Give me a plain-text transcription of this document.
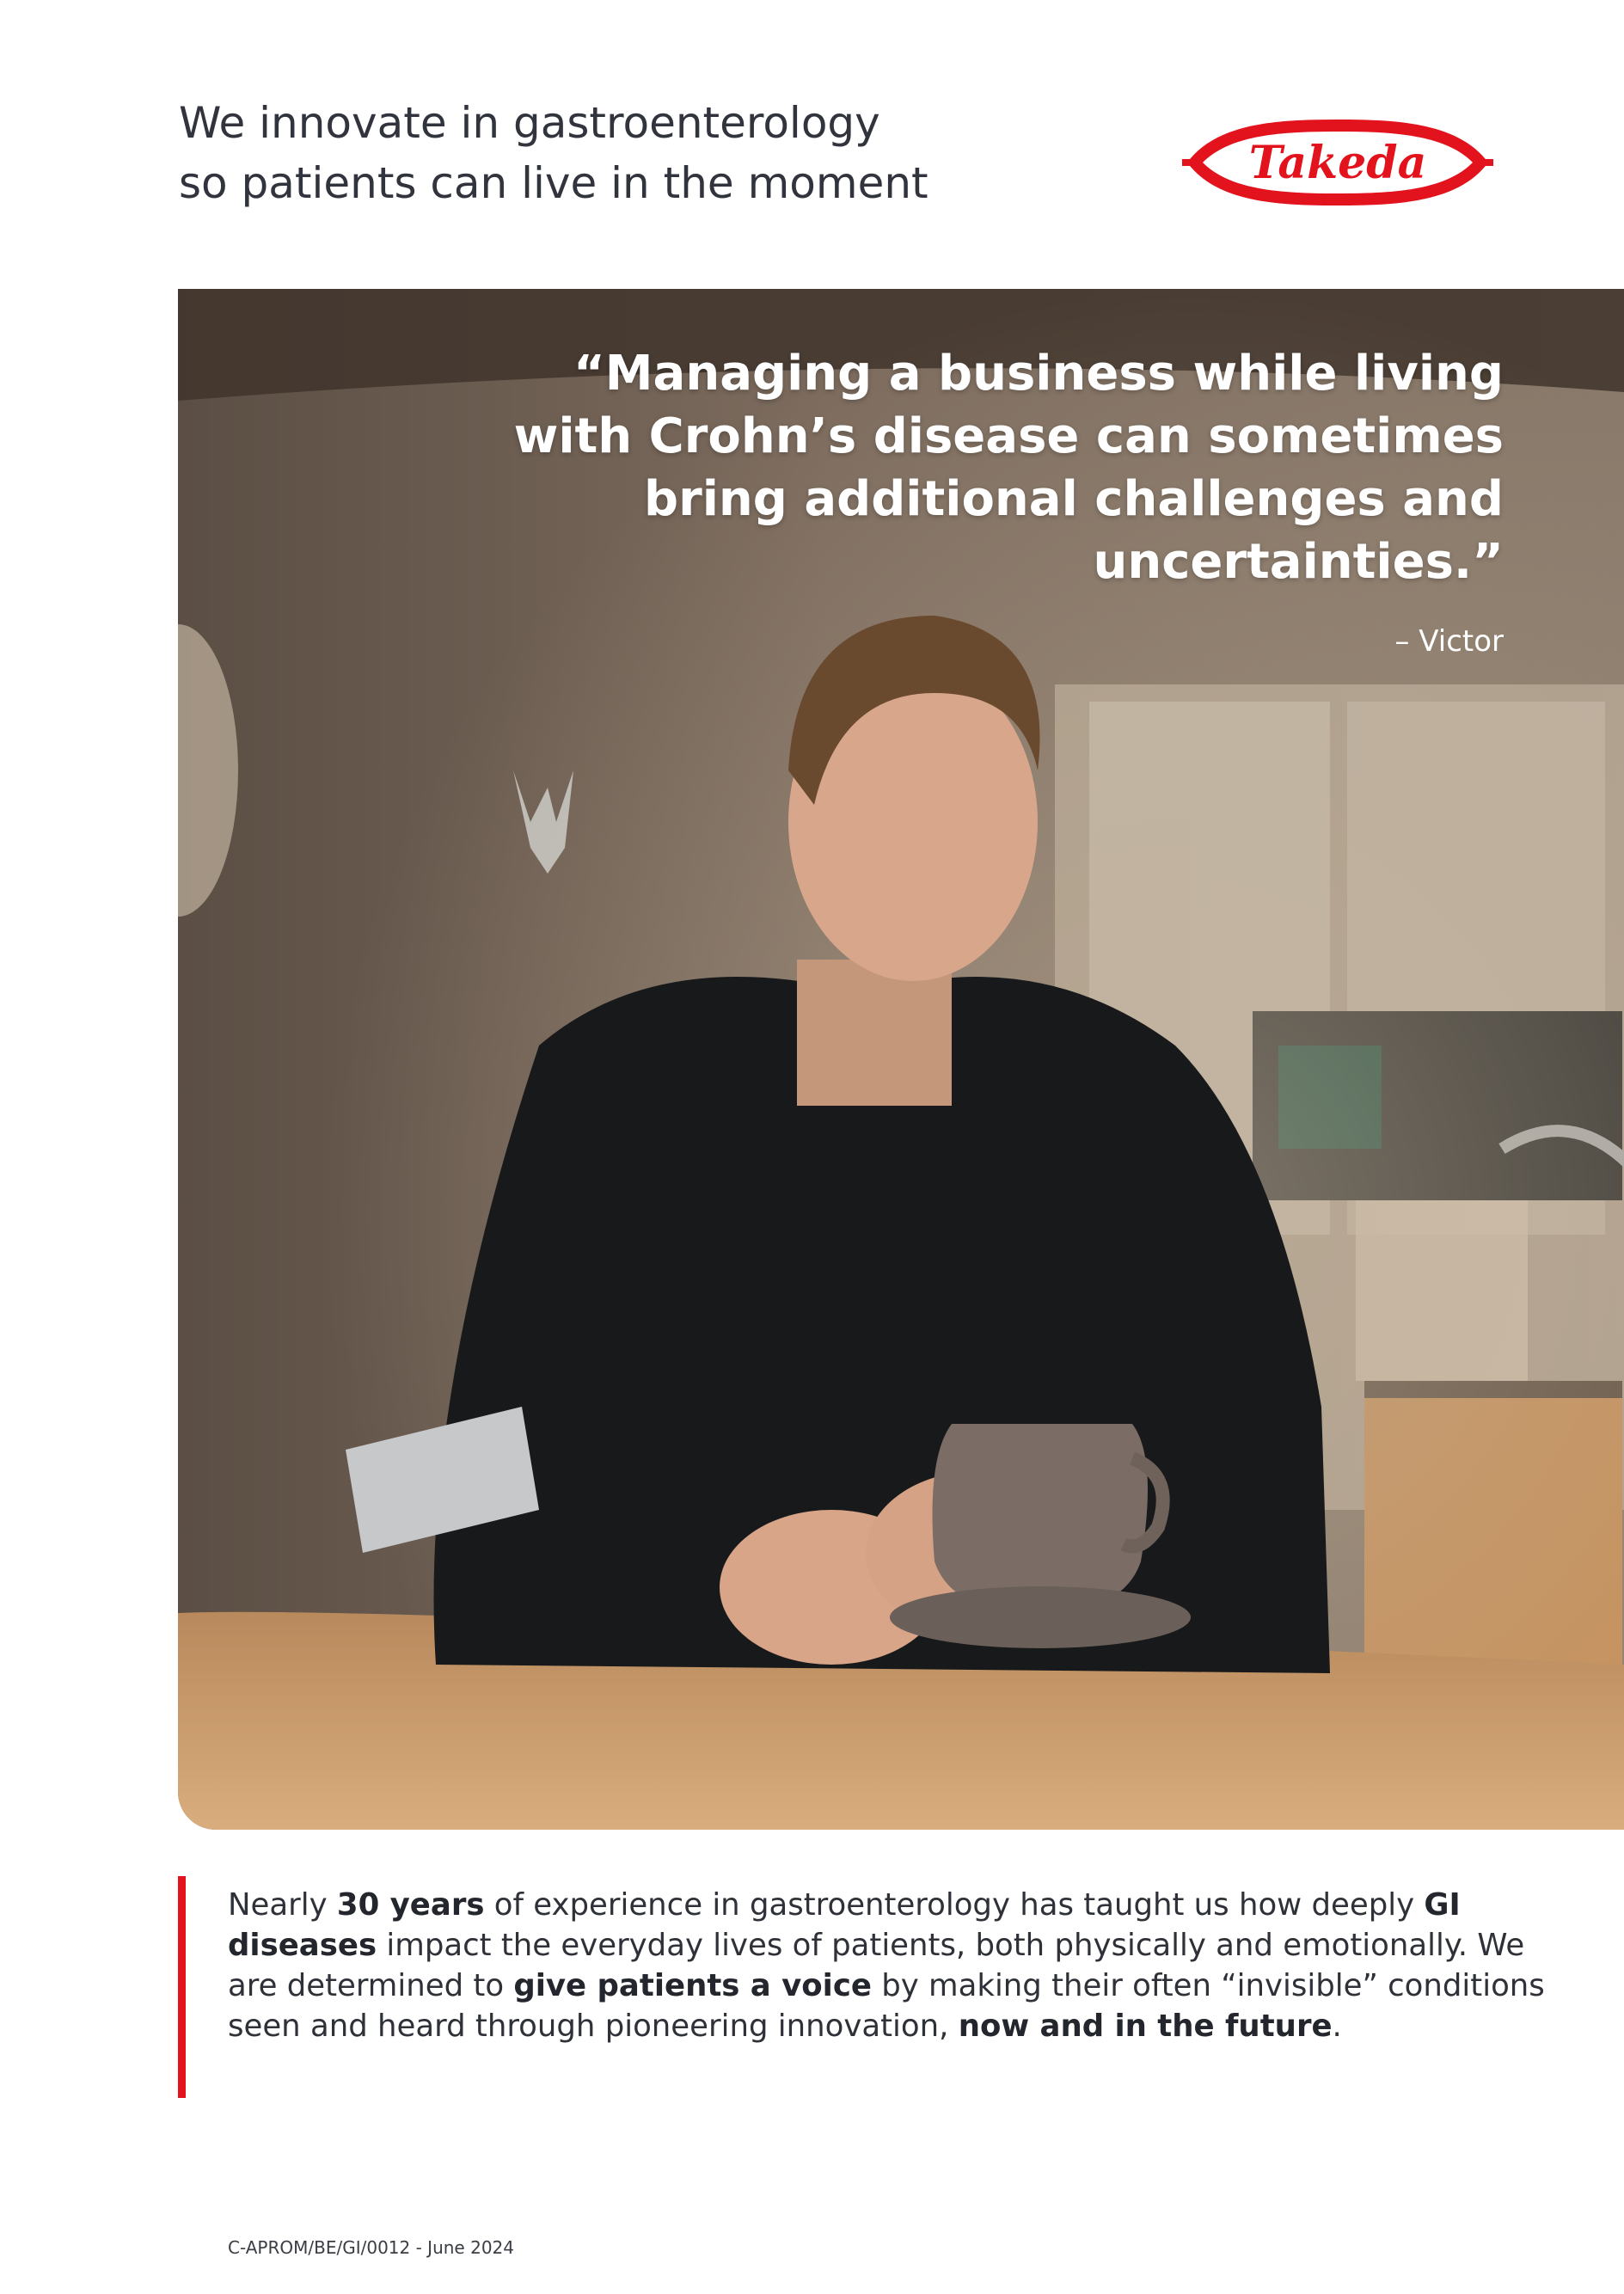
We innovate in gastroenterology
so patients can live in the moment	Takeda

“Managing a business while living
with Crohn’s disease can sometimes
bring additional challenges and
uncertainties.”

– Victor

Nearly 30 years of experience in gastroenterology has taught us how deeply GI diseases impact the everyday lives of patients, both physically and emotionally. We are determined to give patients a voice by making their often “invisible” conditions seen and heard through pioneering innovation, now and in the future.

C-APROM/BE/GI/0012 - June 2024
